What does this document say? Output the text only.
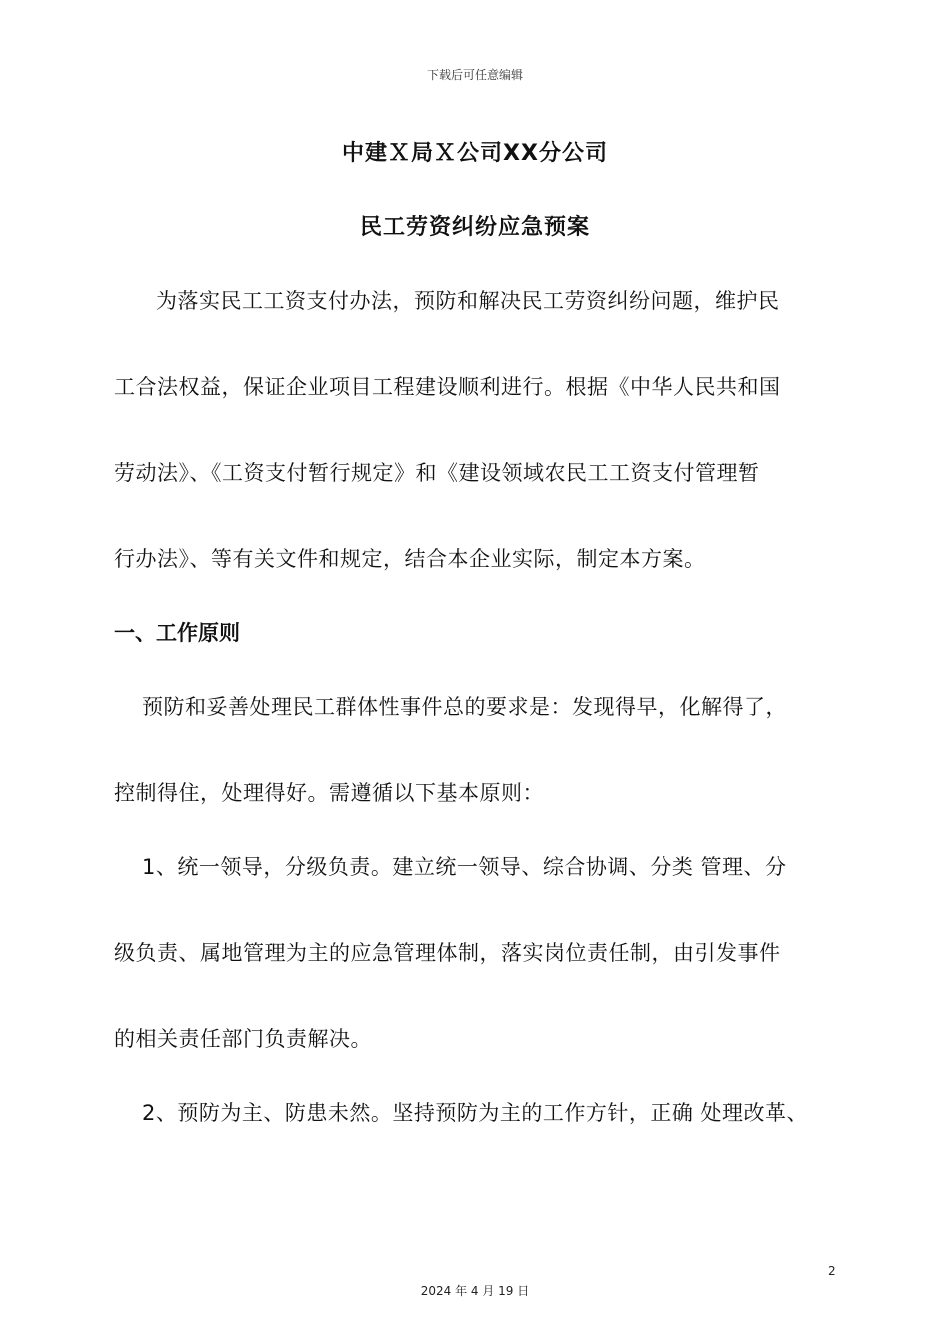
下载后可任意编辑
中建Ｘ局Ｘ公司XX分公司
民工劳资纠纷应急预案
为落实民工工资支付办法，预防和解决民工劳资纠纷问题，维护民
工合法权益，保证企业项目工程建设顺利进行。根据《中华人民共和国
劳动法》、《工资支付暂行规定》和《建设领域农民工工资支付管理暂
行办法》、等有关文件和规定，结合本企业实际，制定本方案。
一、工作原则
预防和妥善处理民工群体性事件总的要求是：发现得早，化解得了，
控制得住，处理得好。需遵循以下基本原则：
1、统一领导，分级负责。建立统一领导、综合协调、分类 管理、分
级负责、属地管理为主的应急管理体制，落实岗位责任制，由引发事件
的相关责任部门负责解决。
2、预防为主、防患未然。坚持预防为主的工作方针，正确 处理改革、
2
2024 年 4 月 19 日
